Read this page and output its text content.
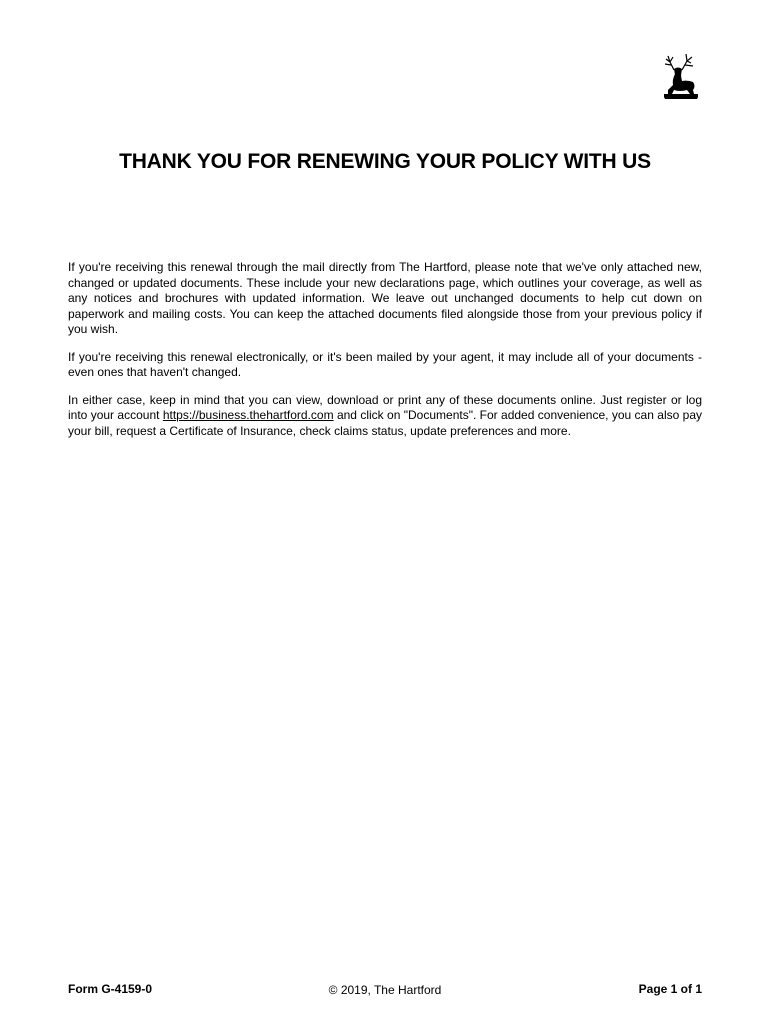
THANK YOU FOR RENEWING YOUR POLICY WITH US

If you're receiving this renewal through the mail directly from The Hartford, please note that we've only attached new, changed or updated documents. These include your new declarations page, which outlines your coverage, as well as any notices and brochures with updated information. We leave out unchanged documents to help cut down on paperwork and mailing costs. You can keep the attached documents filed alongside those from your previous policy if you wish.

If you're receiving this renewal electronically, or it's been mailed by your agent, it may include all of your documents - even ones that haven't changed.

In either case, keep in mind that you can view, download or print any of these documents online. Just register or log into your account https://business.thehartford.com and click on "Documents". For added convenience, you can also pay your bill, request a Certificate of Insurance, check claims status, update preferences and more.

Form G-4159-0	© 2019, The Hartford	Page 1 of 1
